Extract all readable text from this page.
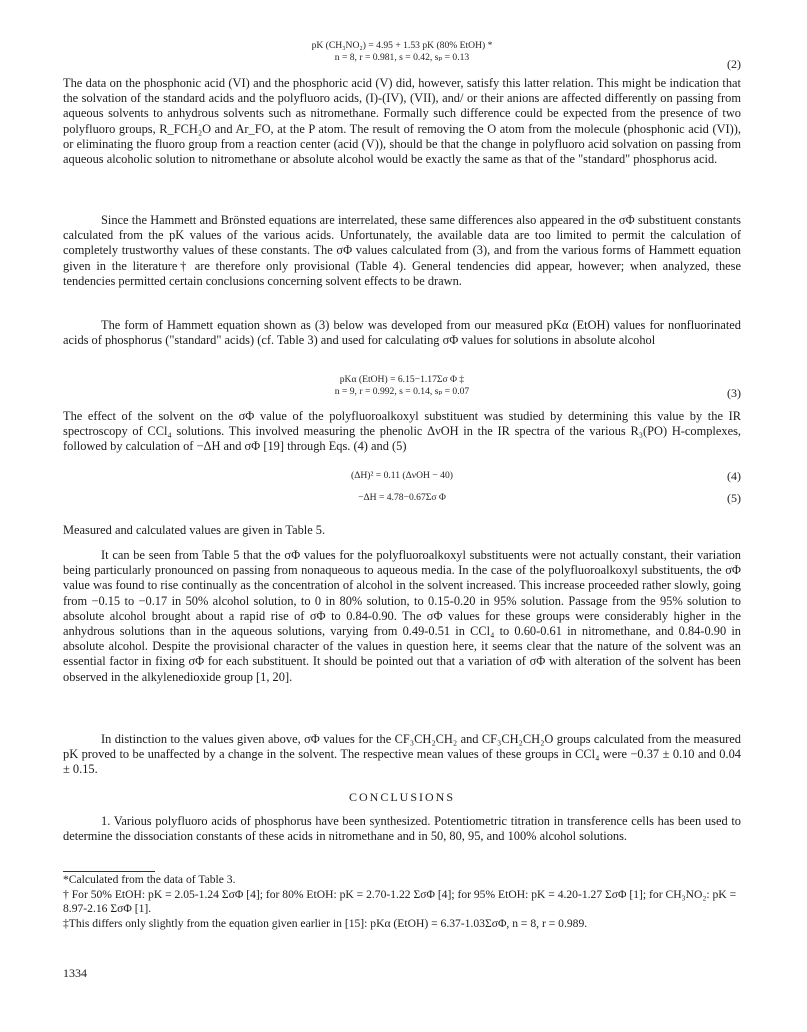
pK (CH₃NO₂) = 4.95 + 1.53 pK (80% EtOH) *
n = 8, r = 0.981, s = 0.42, sₚ = 0.13	(2)

The data on the phosphonic acid (VI) and the phosphoric acid (V) did, however, satisfy this latter relation. This might be indication that the solvation of the standard acids and the polyfluoro acids, (I)-(IV), (VII), and/ or their anions are affected differently on passing from aqueous solvents to anhydrous solvents such as nitromethane. Formally such difference could be expected from the presence of two polyfluoro groups, R_FCH₂O and Ar_FO, at the P atom. The result of removing the O atom from the molecule (phosphonic acid (VI)), or eliminating the fluoro group from a reaction center (acid (V)), should be that the change in polyfluoro acid solvation on passing from aqueous alcoholic solution to nitromethane or absolute alcohol would be exactly the same as that of the "standard" phosphorus acid.

Since the Hammett and Brönsted equations are interrelated, these same differences also appeared in the σΦ substituent constants calculated from the pK values of the various acids. Unfortunately, the available data are too limited to permit the calculation of completely trustworthy values of these constants. The σΦ values calculated from (3), and from the various forms of Hammett equation given in the literature† are therefore only provisional (Table 4). General tendencies did appear, however; when analyzed, these tendencies permitted certain conclusions concerning solvent effects to be drawn.

The form of Hammett equation shown as (3) below was developed from our measured pKα (EtOH) values for nonfluorinated acids of phosphorus ("standard" acids) (cf. Table 3) and used for calculating σΦ values for solutions in absolute alcohol

pKα (EtOH) = 6.15−1.17Σσ Φ ‡
n = 9, r = 0.992, s = 0.14, sₚ = 0.07	(3)

The effect of the solvent on the σΦ value of the polyfluoroalkoxyl substituent was studied by determining this value by the IR spectroscopy of CCl₄ solutions. This involved measuring the phenolic ΔνOH in the IR spectra of the various R₃(PO) H-complexes, followed by calculation of −ΔH and σΦ [19] through Eqs. (4) and (5)

(ΔH)² = 0.11 (ΔνOH − 40)	(4)
−ΔH = 4.78−0.67Σσ Φ	(5)

Measured and calculated values are given in Table 5.

It can be seen from Table 5 that the σΦ values for the polyfluoroalkoxyl substituents were not actually constant, their variation being particularly pronounced on passing from nonaqueous to aqueous media. In the case of the polyfluoroalkoxyl substituents, the σΦ value was found to rise continually as the concentration of alcohol in the solvent increased. This increase proceeded rather slowly, going from −0.15 to −0.17 in 50% alcohol solution, to 0 in 80% solution, to 0.15-0.20 in 95% solution. Passage from the 95% solution to absolute alcohol brought about a rapid rise of σΦ to 0.84-0.90. The σΦ values for these groups were considerably higher in the anhydrous solutions than in the aqueous solutions, varying from 0.49-0.51 in CCl₄ to 0.60-0.61 in nitromethane, and 0.84-0.90 in absolute alcohol. Despite the provisional character of the values in question here, it seems clear that the nature of the solvent was an essential factor in fixing σΦ for each substituent. It should be pointed out that a variation of σΦ with alteration of the solvent has been observed in the alkylenedioxide group [1, 20].

In distinction to the values given above, σΦ values for the CF₃CH₂CH₂ and CF₃CH₂CH₂O groups calculated from the measured pK proved to be unaffected by a change in the solvent. The respective mean values of these groups in CCl₄ were −0.37 ± 0.10 and 0.04 ± 0.15.

CONCLUSIONS

1. Various polyfluoro acids of phosphorus have been synthesized. Potentiometric titration in transference cells has been used to determine the dissociation constants of these acids in nitromethane and in 50, 80, 95, and 100% alcohol solutions.

*Calculated from the data of Table 3.

† For 50% EtOH: pK = 2.05-1.24 ΣσΦ [4]; for 80% EtOH: pK = 2.70-1.22 ΣσΦ [4]; for 95% EtOH: pK = 4.20-1.27 ΣσΦ [1]; for CH₃NO₂: pK = 8.97-2.16 ΣσΦ [1].

‡This differs only slightly from the equation given earlier in [15]: pKα (EtOH) = 6.37-1.03ΣσΦ, n = 8, r = 0.989.

1334
